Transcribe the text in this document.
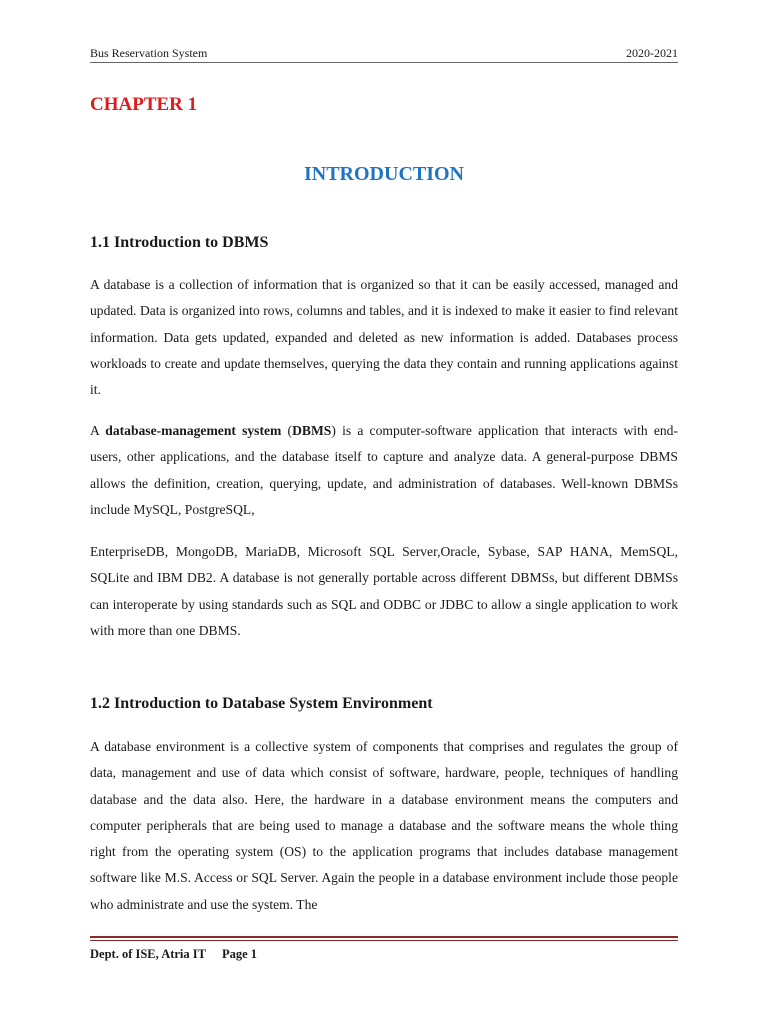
Bus Reservation System	2020-2021
CHAPTER 1
INTRODUCTION
1.1 Introduction to DBMS
A database is a collection of information that is organized so that it can be easily accessed, managed and updated. Data is organized into rows, columns and tables, and it is indexed to make it easier to find relevant information. Data gets updated, expanded and deleted as new information is added. Databases process workloads to create and update themselves, querying the data they contain and running applications against it.
A database-management system (DBMS) is a computer-software application that interacts with end-users, other applications, and the database itself to capture and analyze data. A general-purpose DBMS allows the definition, creation, querying, update, and administration of databases. Well-known DBMSs include MySQL, PostgreSQL,
EnterpriseDB, MongoDB, MariaDB, Microsoft SQL Server,Oracle, Sybase, SAP HANA, MemSQL, SQLite and IBM DB2. A database is not generally portable across different DBMSs, but different DBMSs can interoperate by using standards such as SQL and ODBC or JDBC to allow a single application to work with more than one DBMS.
1.2 Introduction to Database System Environment
A database environment is a collective system of components that comprises and regulates the group of data, management and use of data which consist of software, hardware, people, techniques of handling database and the data also. Here, the hardware in a database environment means the computers and computer peripherals that are being used to manage a database and the software means the whole thing right from the operating system (OS) to the application programs that includes database management software like M.S. Access or SQL Server. Again the people in a database environment include those people who administrate and use the system. The
Dept. of ISE, Atria IT Page 1
